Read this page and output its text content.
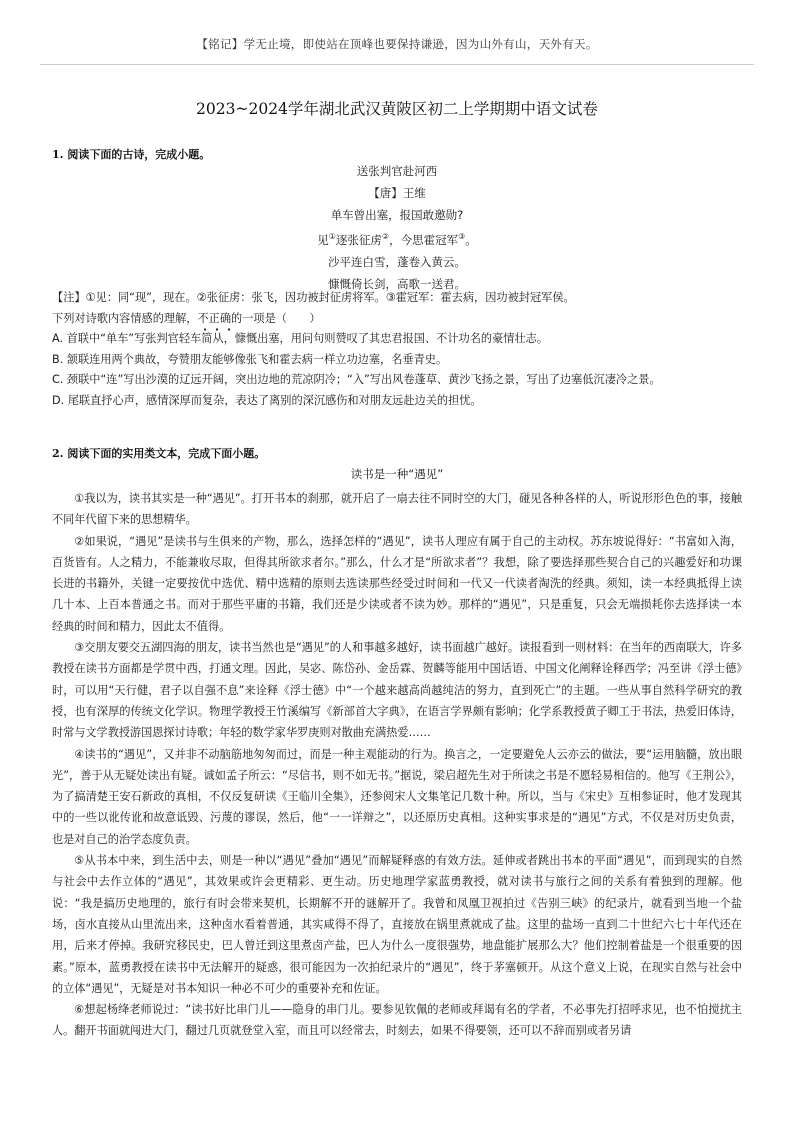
【铭记】学无止境，即使站在顶峰也要保持谦逊，因为山外有山，天外有天。
2023~2024学年湖北武汉黄陂区初二上学期期中语文试卷
1. 阅读下面的古诗，完成小题。
送张判官赴河西
【唐】王维
单车曾出塞，报国敢邀勋?
见①逐张征虏②，今思霍冠军③。
沙平连白雪，蓬卷入黄云。
慷慨倚长剑，高歌一送君。

【注】①见：同“现”，现在。②张征虏：张飞，因功被封征虏将军。③霍冠军：霍去病，因功被封冠军侯。

下列对诗歌内容情感的理解，不正确的一项是（　　）

A. 首联中“单车”写张判官轻车简从，慷慨出塞，用问句则赞叹了其忠君报国、不计功名的豪情壮志。

B. 颔联连用两个典故，夸赞朋友能够像张飞和霍去病一样立功边塞，名垂青史。

C. 颈联中“连”写出沙漠的辽远开阔，突出边地的荒凉阴冷；“入”写出风卷蓬草、黄沙飞扬之景，写出了边塞低沉凄冷之景。

D. 尾联直抒心声，感情深厚而复杂，表达了离别的深沉感伤和对朋友远赴边关的担忧。

2. 阅读下面的实用类文本，完成下面小题。
读书是一种“遇见”

①我以为，读书其实是一种“遇见”。打开书本的刹那，就开启了一扇去往不同时空的大门，碰见各种各样的人，听说形形色色的事，接触不同年代留下来的思想精华。

②如果说，“遇见”是读书与生俱来的产物，那么，选择怎样的“遇见”，读书人理应有属于自己的主动权。苏东坡说得好：“书富如入海，百货皆有。人之精力，不能兼收尽取，但得其所欲求者尔。”那么，什么才是“所欲求者”？我想，除了要选择那些契合自己的兴趣爱好和功课长进的书籍外，关键一定要按优中选优、精中选精的原则去选读那些经受过时间和一代又一代读者淘洗的经典。须知，读一本经典抵得上读几十本、上百本普通之书。而对于那些平庸的书籍，我们还是少读或者不读为妙。那样的“遇见”，只是重复，只会无端损耗你去选择读一本经典的时间和精力，因此太不值得。

③交朋友要交五湖四海的朋友，读书当然也是“遇见”的人和事越多越好，读书面越广越好。读报看到一则材料：在当年的西南联大，许多教授在读书方面都是学贯中西，打通文理。因此，吴宓、陈岱孙、金岳霖、贺麟等能用中国话语、中国文化阐释诠释西学；冯至讲《浮士德》时，可以用“天行健，君子以自强不息”来诠释《浮士德》中“一个越来越高尚越纯洁的努力，直到死亡”的主题。一些从事自然科学研究的教授，也有深厚的传统文化学识。物理学教授王竹溪编写《新部首大字典》，在语言学界颇有影响；化学系教授黄子卿工于书法，热爱旧体诗，时常与文学教授游国恩探讨诗歌；年轻的数学家华罗庚则对散曲充满热爱……

④读书的“遇见”，又并非不动脑筋地匆匆而过，而是一种主观能动的行为。换言之，一定要避免人云亦云的做法，要“运用脑髓，放出眼光”，善于从无疑处读出有疑。诚如孟子所云：“尽信书，则不如无书。”据说，梁启超先生对于所读之书是不愿轻易相信的。他写《王荆公》，为了搞清楚王安石新政的真相，不仅反复研读《王临川全集》，还参阅宋人文集笔记几数十种。所以，当与《宋史》互相参证时，他才发现其中的一些以讹传讹和故意诋毁、污蔑的谬误，然后，他“一一详辩之”，以还原历史真相。这种实事求是的“遇见”方式，不仅是对历史负责，也是对自己的治学态度负责。

⑤从书本中来，到生活中去，则是一种以“遇见”叠加“遇见”而解疑释惑的有效方法。延伸或者跳出书本的平面“遇见”，而到现实的自然与社会中去作立体的“遇见”，其效果或许会更精彩、更生动。历史地理学家蓝勇教授，就对读书与旅行之间的关系有着独到的理解。他说：“我是搞历史地理的，旅行有时会带来契机，长期解不开的谜解开了。我曾和凤凰卫视拍过《告别三峡》的纪录片，就看到当地一个盐场，卤水直接从山里流出来，这种卤水看着普通，其实咸得不得了，直接放在锅里煮就成了盐。这里的盐场一直到二十世纪六七十年代还在用，后来才停掉。我研究移民史，巴人曾迁到这里煮卤产盐，巴人为什么一度很强势，地盘能扩展那么大？他们控制着盐是一个很重要的因素。”原本，蓝勇教授在读书中无法解开的疑惑，很可能因为一次拍纪录片的“遇见”，终于茅塞顿开。从这个意义上说，在现实自然与社会中的立体“遇见”，无疑是对书本知识一种必不可少的重要补充和佐证。

⑥想起杨绛老师说过：“读书好比串门儿——隐身的串门儿。要参见钦佩的老师或拜谒有名的学者，不必事先打招呼求见，也不怕搅扰主人。翻开书面就闯进大门，翻过几页就登堂入室，而且可以经常去，时刻去，如果不得要领，还可以不辞而别或者另请
